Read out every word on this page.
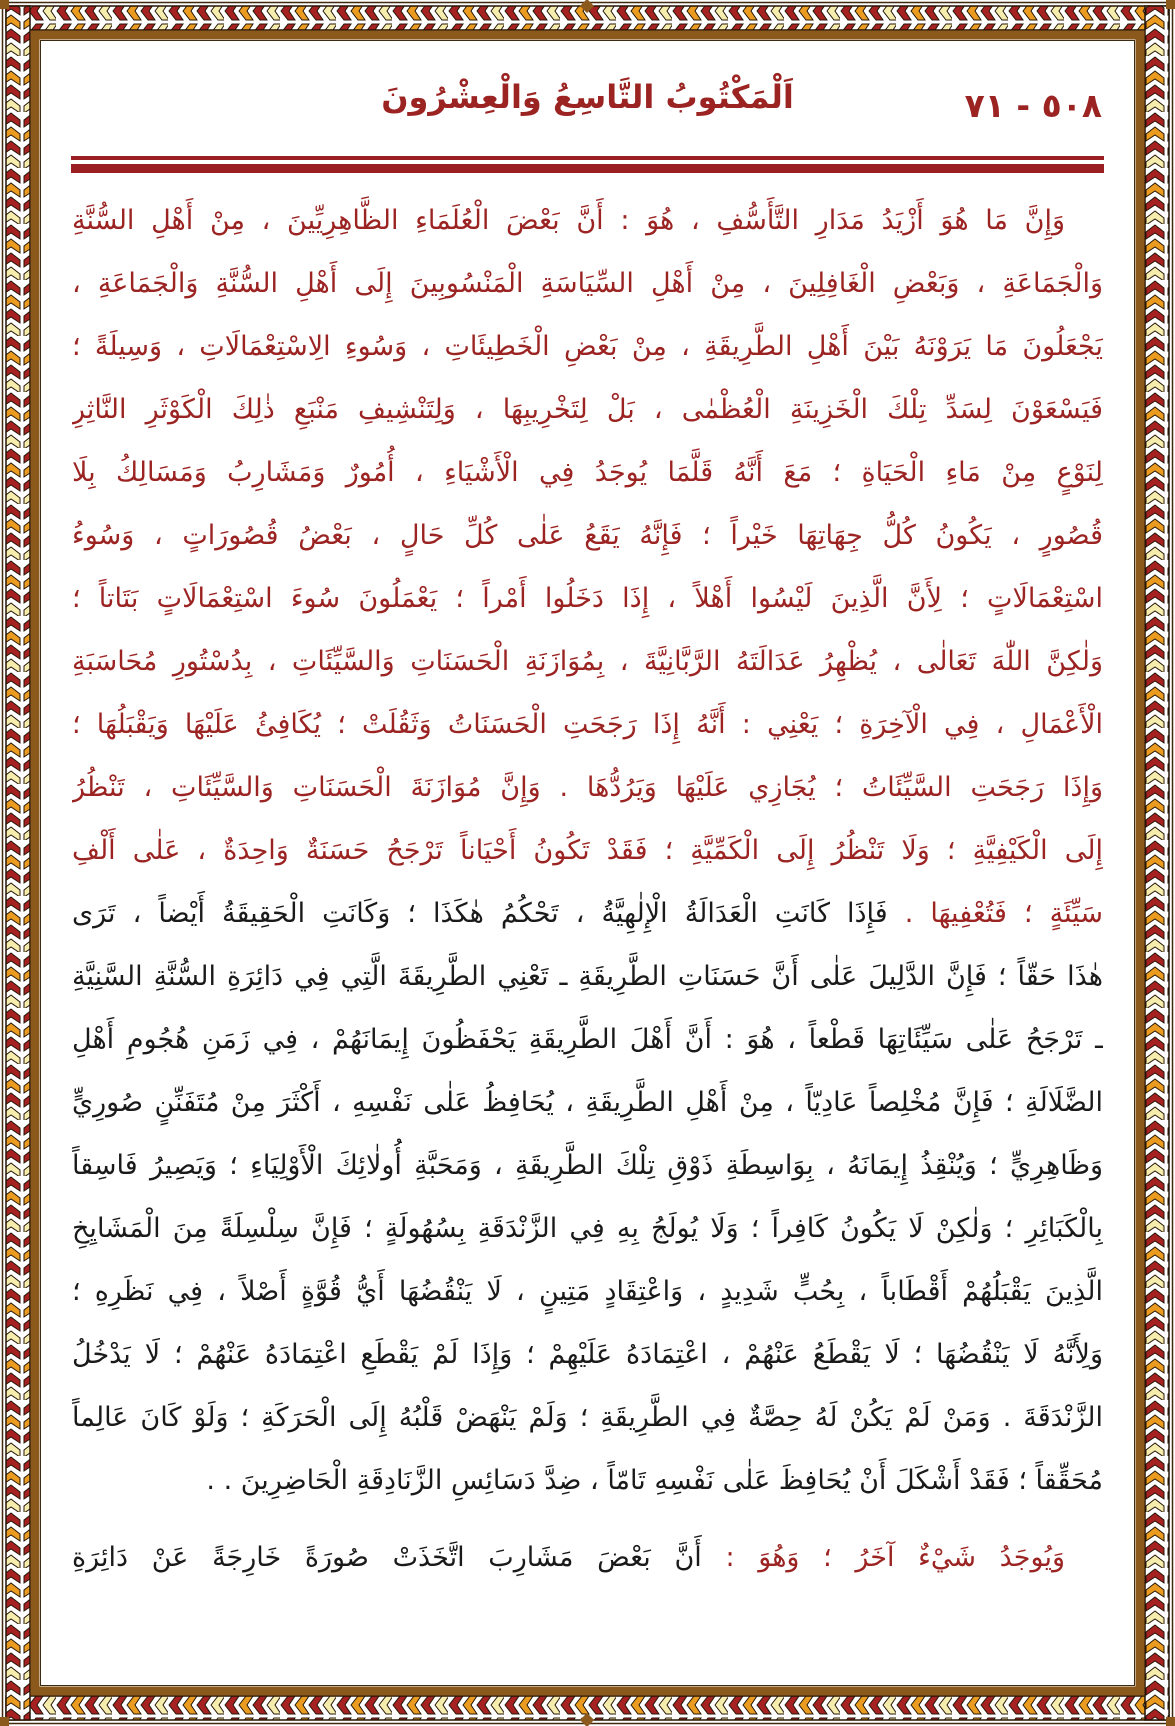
٥٠٨ - ٧١
اَلْمَكْتُوبُ التَّاسِعُ وَالْعِشْرُونَ
وَإِنَّ مَا هُوَ أَزْيَدُ مَدَارِ التَّأَسُّفِ ، هُوَ : أَنَّ بَعْضَ الْعُلَمَاءِ الظَّاهِرِيِّينَ ، مِنْ أَهْلِ السُّنَّةِ
وَالْجَمَاعَةِ ، وَبَعْضِ الْغَافِلِينَ ، مِنْ أَهْلِ السِّيَاسَةِ الْمَنْسُوبِينَ إِلَى أَهْلِ السُّنَّةِ وَالْجَمَاعَةِ ،
يَجْعَلُونَ مَا يَرَوْنَهُ بَيْنَ أَهْلِ الطَّرِيقَةِ ، مِنْ بَعْضِ الْخَطِيئَاتِ ، وَسُوءِ الِاسْتِعْمَالَاتِ ، وَسِيلَةً ؛
فَيَسْعَوْنَ لِسَدِّ تِلْكَ الْخَزِينَةِ الْعُظْمٰى ، بَلْ لِتَخْرِيبِهَا ، وَلِتَنْشِيفِ مَنْبَعِ ذٰلِكَ الْكَوْثَرِ النَّاثِرِ
لِنَوْعٍ مِنْ مَاءِ الْحَيَاةِ ؛ مَعَ أَنَّهُ قَلَّمَا يُوجَدُ فِي الْأَشْيَاءِ ، أُمُورٌ وَمَشَارِبُ وَمَسَالِكُ بِلَا
قُصُورٍ ، يَكُونُ كُلُّ جِهَاتِهَا خَيْراً ؛ فَإِنَّهُ يَقَعُ عَلٰى كُلِّ حَالٍ ، بَعْضُ قُصُورَاتٍ ، وَسُوءُ
اسْتِعْمَالَاتٍ ؛ لِأَنَّ الَّذِينَ لَيْسُوا أَهْلاً ، إِذَا دَخَلُوا أَمْراً ؛ يَعْمَلُونَ سُوءَ اسْتِعْمَالَاتٍ بَتَاتاً ؛
وَلٰكِنَّ اللّٰهَ تَعَالٰى ، يُظْهِرُ عَدَالَتَهُ الرَّبَّانِيَّةَ ، بِمُوَازَنَةِ الْحَسَنَاتِ وَالسَّيِّئَاتِ ، بِدُسْتُورِ مُحَاسَبَةِ
الْأَعْمَالِ ، فِي الْآخِرَةِ ؛ يَعْنِي : أَنَّهُ إِذَا رَجَحَتِ الْحَسَنَاتُ وَثَقُلَتْ ؛ يُكَافِئُ عَلَيْهَا وَيَقْبَلُهَا ؛
وَإِذَا رَجَحَتِ السَّيِّئَاتُ ؛ يُجَازِي عَلَيْهَا وَيَرُدُّهَا . وَإِنَّ مُوَازَنَةَ الْحَسَنَاتِ وَالسَّيِّئَاتِ ، تَنْظُرُ
إِلَى الْكَيْفِيَّةِ ؛ وَلَا تَنْظُرُ إِلَى الْكَمِّيَّةِ ؛ فَقَدْ تَكُونُ أَحْيَاناً تَرْجَحُ حَسَنَةٌ وَاحِدَةٌ ، عَلٰى أَلْفِ
سَيِّئَةٍ ؛ فَتُعْفِيهَا . فَإِذَا كَانَتِ الْعَدَالَةُ الْإِلٰهِيَّةُ ، تَحْكُمُ هٰكَذَا ؛ وَكَانَتِ الْحَقِيقَةُ أَيْضاً ، تَرَى
هٰذَا حَقّاً ؛ فَإِنَّ الدَّلِيلَ عَلٰى أَنَّ حَسَنَاتِ الطَّرِيقَةِ ـ تَعْنِي الطَّرِيقَةَ الَّتِي فِي دَائِرَةِ السُّنَّةِ السَّنِيَّةِ
ـ تَرْجَحُ عَلٰى سَيِّئَاتِهَا قَطْعاً ، هُوَ : أَنَّ أَهْلَ الطَّرِيقَةِ يَحْفَظُونَ إِيمَانَهُمْ ، فِي زَمَنِ هُجُومِ أَهْلِ
الضَّلَالَةِ ؛ فَإِنَّ مُخْلِصاً عَادِيّاً ، مِنْ أَهْلِ الطَّرِيقَةِ ، يُحَافِظُ عَلٰى نَفْسِهِ ، أَكْثَرَ مِنْ مُتَفَنِّنٍ صُورِيٍّ
وَظَاهِرِيٍّ ؛ وَيُنْقِذُ إِيمَانَهُ ، بِوَاسِطَةِ ذَوْقِ تِلْكَ الطَّرِيقَةِ ، وَمَحَبَّةِ أُولٰائِكَ الْأَوْلِيَاءِ ؛ وَيَصِيرُ فَاسِقاً
بِالْكَبَائِرِ ؛ وَلٰكِنْ لَا يَكُونُ كَافِراً ؛ وَلَا يُولَجُ بِهِ فِي الزَّنْدَقَةِ بِسُهُولَةٍ ؛ فَإِنَّ سِلْسِلَةً مِنَ الْمَشَايِخِ
الَّذِينَ يَقْبَلُهُمْ أَقْطَاباً ، بِحُبٍّ شَدِيدٍ ، وَاعْتِقَادٍ مَتِينٍ ، لَا يَنْقُضُهَا أَيُّ قُوَّةٍ أَصْلاً ، فِي نَظَرِهِ ؛
وَلِأَنَّهُ لَا يَنْقُضُهَا ؛ لَا يَقْطَعُ عَنْهُمْ ، اعْتِمَادَهُ عَلَيْهِمْ ؛ وَإِذَا لَمْ يَقْطَعِ اعْتِمَادَهُ عَنْهُمْ ؛ لَا يَدْخُلُ
الزَّنْدَقَةَ . وَمَنْ لَمْ يَكُنْ لَهُ حِصَّةٌ فِي الطَّرِيقَةِ ؛ وَلَمْ يَنْهَضْ قَلْبُهُ إِلَى الْحَرَكَةِ ؛ وَلَوْ كَانَ عَالِماً
مُحَقِّقاً ؛ فَقَدْ أَشْكَلَ أَنْ يُحَافِظَ عَلٰى نَفْسِهِ تَامّاً ، ضِدَّ دَسَائِسِ الزَّنَادِقَةِ الْحَاضِرِينَ . .
وَيُوجَدُ شَيْءٌ آخَرُ ؛ وَهُوَ : أَنَّ بَعْضَ مَشَارِبَ اتَّخَذَتْ صُورَةً خَارِجَةً عَنْ دَائِرَةِ
